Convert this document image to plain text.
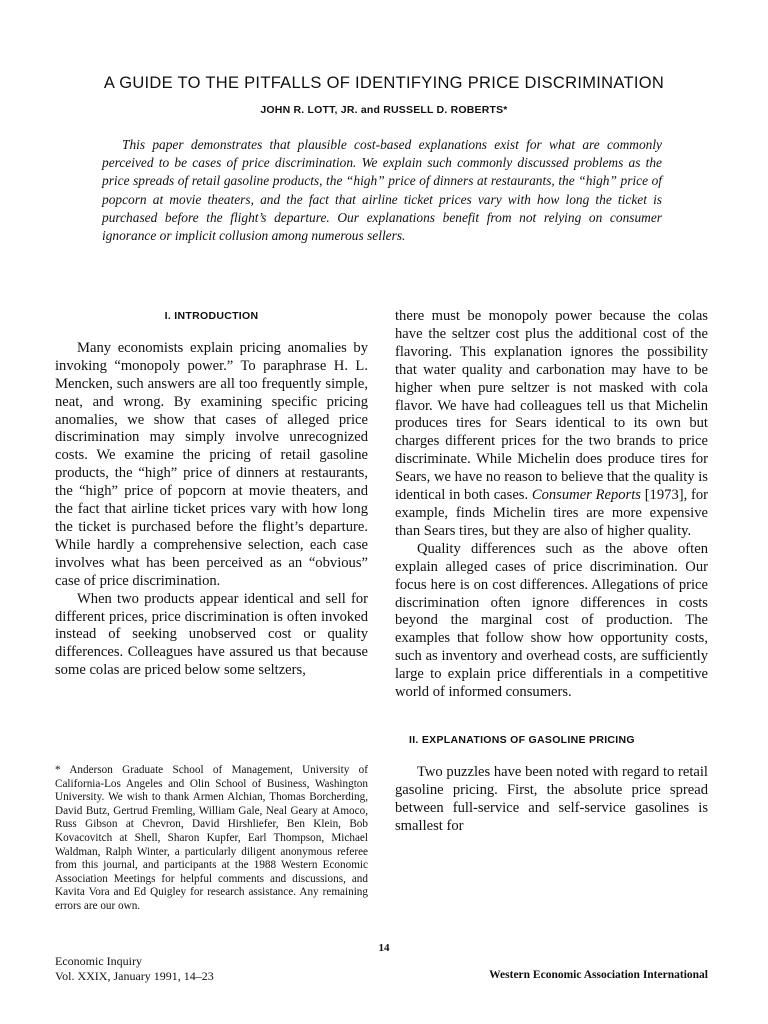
A GUIDE TO THE PITFALLS OF IDENTIFYING PRICE DISCRIMINATION
JOHN R. LOTT, JR. and RUSSELL D. ROBERTS*

This paper demonstrates that plausible cost-based explanations exist for what are commonly perceived to be cases of price discrimination. We explain such commonly discussed problems as the price spreads of retail gasoline products, the “high” price of dinners at restaurants, the “high” price of popcorn at movie theaters, and the fact that airline ticket prices vary with how long the ticket is purchased before the flight’s departure. Our explanations benefit from not relying on consumer ignorance or implicit collusion among numerous sellers.

I. INTRODUCTION

Many economists explain pricing anomalies by invoking “monopoly power.” To paraphrase H. L. Mencken, such answers are all too frequently simple, neat, and wrong. By examining specific pricing anomalies, we show that cases of alleged price discrimination may simply involve unrecognized costs. We examine the pricing of retail gasoline products, the “high” price of dinners at restaurants, the “high” price of popcorn at movie theaters, and the fact that airline ticket prices vary with how long the ticket is purchased before the flight’s departure. While hardly a comprehensive selection, each case involves what has been perceived as an “obvious” case of price discrimination.

When two products appear identical and sell for different prices, price discrimination is often invoked instead of seeking unobserved cost or quality differences. Colleagues have assured us that because some colas are priced below some seltzers,

* Anderson Graduate School of Management, University of California-Los Angeles and Olin School of Business, Washington University. We wish to thank Armen Alchian, Thomas Borcherding, David Butz, Gertrud Fremling, William Gale, Neal Geary at Amoco, Russ Gibson at Chevron, David Hirshliefer, Ben Klein, Bob Kovacovitch at Shell, Sharon Kupfer, Earl Thompson, Michael Waldman, Ralph Winter, a particularly diligent anonymous referee from this journal, and participants at the 1988 Western Economic Association Meetings for helpful comments and discussions, and Kavita Vora and Ed Quigley for research assistance. Any remaining errors are our own.

there must be monopoly power because the colas have the seltzer cost plus the additional cost of the flavoring. This explanation ignores the possibility that water quality and carbonation may have to be higher when pure seltzer is not masked with cola flavor. We have had colleagues tell us that Michelin produces tires for Sears identical to its own but charges different prices for the two brands to price discriminate. While Michelin does produce tires for Sears, we have no reason to believe that the quality is identical in both cases. Consumer Reports [1973], for example, finds Michelin tires are more expensive than Sears tires, but they are also of higher quality.

Quality differences such as the above often explain alleged cases of price discrimination. Our focus here is on cost differences. Allegations of price discrimination often ignore differences in costs beyond the marginal cost of production. The examples that follow show how opportunity costs, such as inventory and overhead costs, are sufficiently large to explain price differentials in a competitive world of informed consumers.

II. EXPLANATIONS OF GASOLINE PRICING

Two puzzles have been noted with regard to retail gasoline pricing. First, the absolute price spread between full-service and self-service gasolines is smallest for

14
Economic Inquiry
Vol. XXIX, January 1991, 14–23	Western Economic Association International
